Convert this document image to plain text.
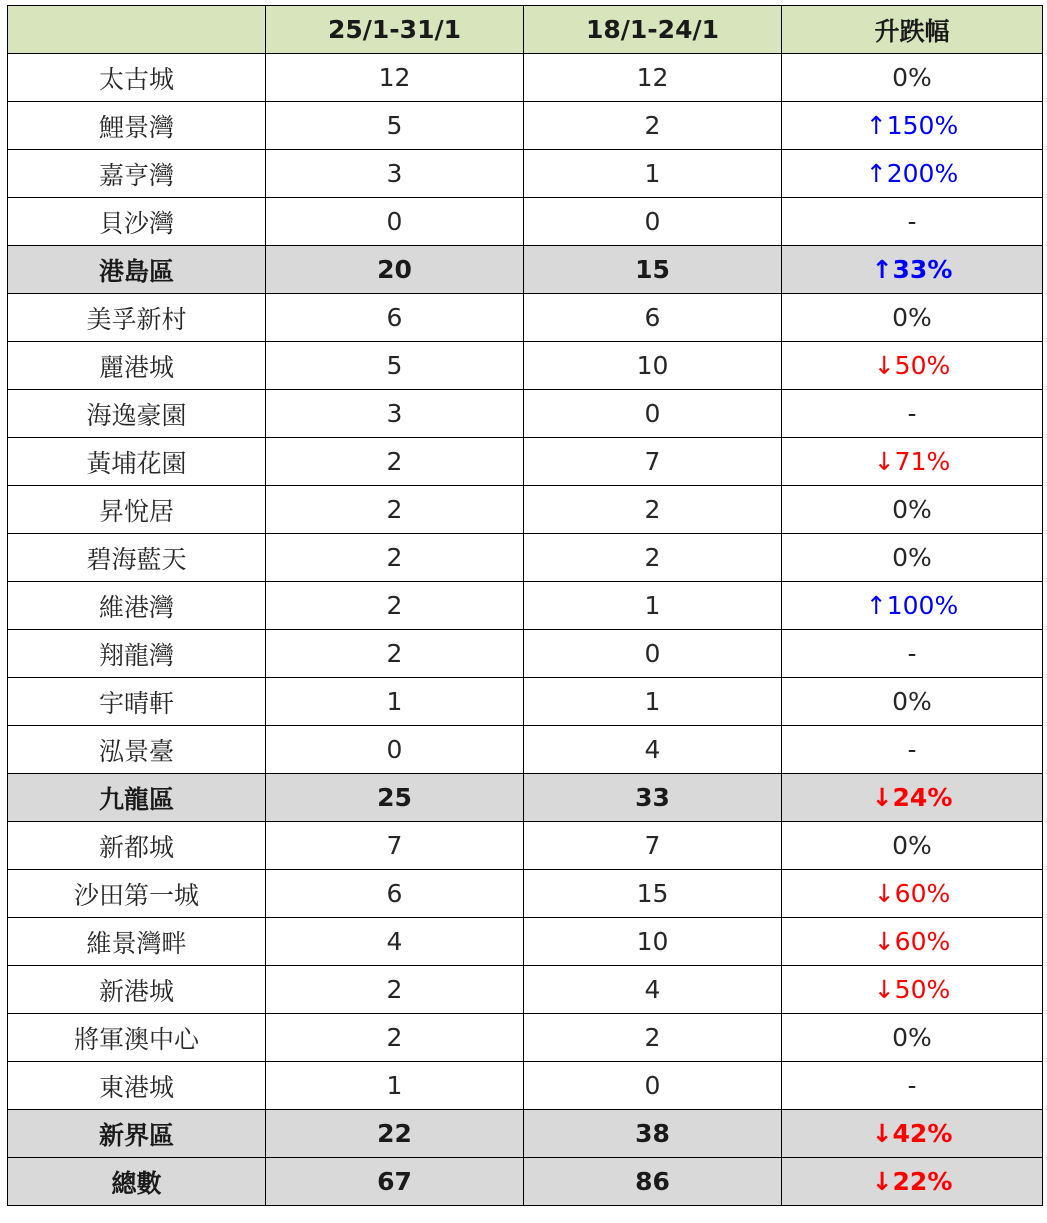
	25/1-31/1	18/1-24/1	升跌幅
太古城	12	12	0%
鯉景灣	5	2	↑150%
嘉亨灣	3	1	↑200%
貝沙灣	0	0	-
港島區	20	15	↑33%
美孚新村	6	6	0%
麗港城	5	10	↓50%
海逸豪園	3	0	-
黃埔花園	2	7	↓71%
昇悅居	2	2	0%
碧海藍天	2	2	0%
維港灣	2	1	↑100%
翔龍灣	2	0	-
宇晴軒	1	1	0%
泓景臺	0	4	-
九龍區	25	33	↓24%
新都城	7	7	0%
沙田第一城	6	15	↓60%
維景灣畔	4	10	↓60%
新港城	2	4	↓50%
將軍澳中心	2	2	0%
東港城	1	0	-
新界區	22	38	↓42%
總數	67	86	↓22%
